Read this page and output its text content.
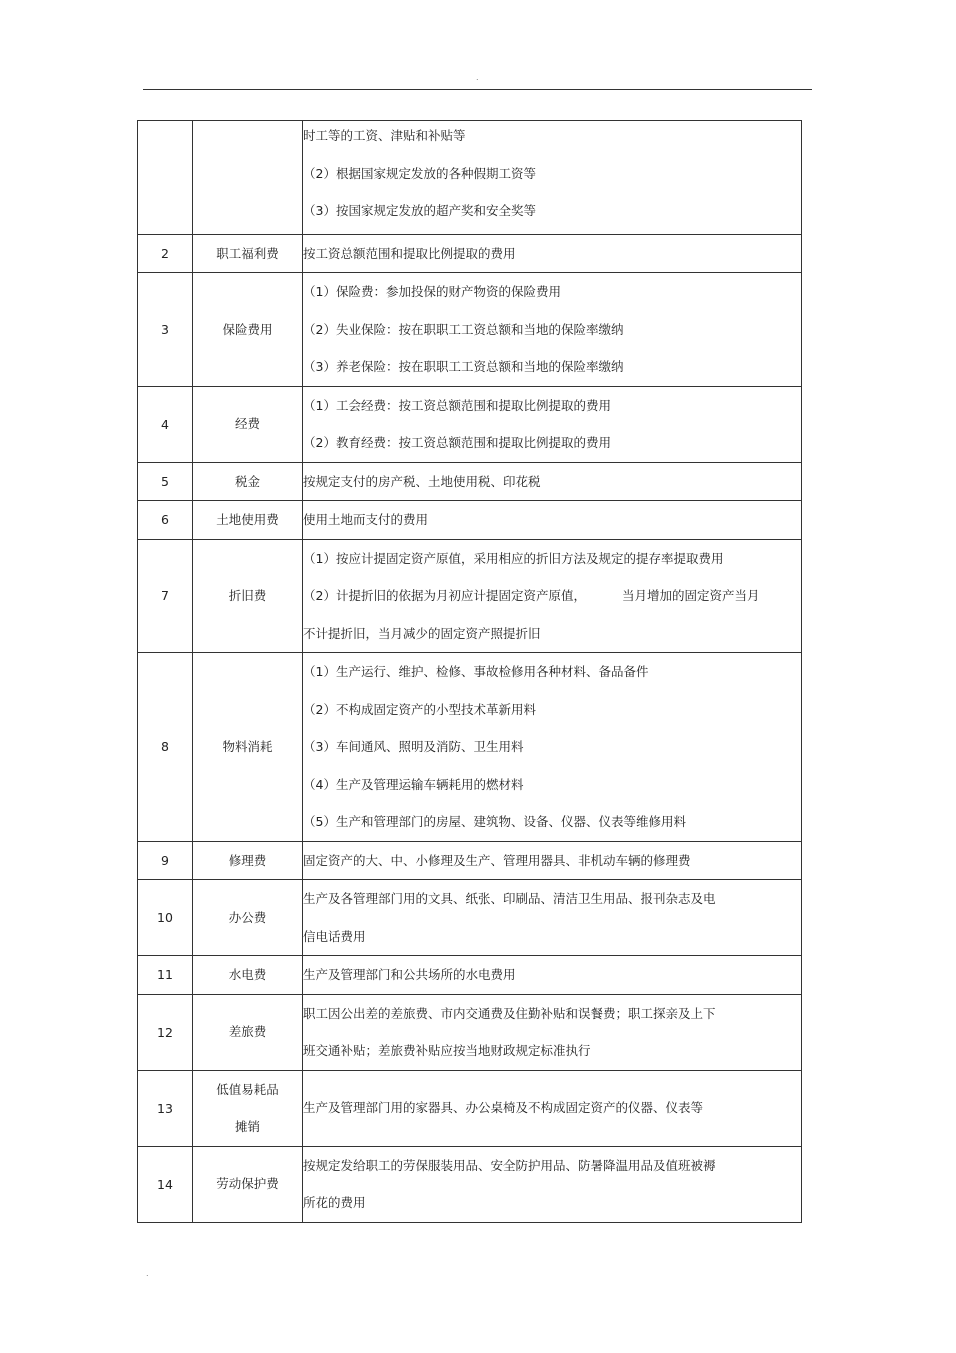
.

		时工等的工资、津贴和补贴等
（2）根据国家规定发放的各种假期工资等
（3）按国家规定发放的超产奖和安全奖等

2	职工福利费	按工资总额范围和提取比例提取的费用

3	保险费用	（1）保险费：参加投保的财产物资的保险费用
（2）失业保险：按在职职工工资总额和当地的保险率缴纳
（3）养老保险：按在职职工工资总额和当地的保险率缴纳

4	经费	（1）工会经费：按工资总额范围和提取比例提取的费用
（2）教育经费：按工资总额范围和提取比例提取的费用

5	税金	按规定支付的房产税、土地使用税、印花税

6	土地使用费	使用土地而支付的费用

7	折旧费	（1）按应计提固定资产原值，采用相应的折旧方法及规定的提存率提取费用
（2）计提折旧的依据为月初应计提固定资产原值， 当月增加的固定资产当月
不计提折旧，当月减少的固定资产照提折旧

8	物料消耗	（1）生产运行、维护、检修、事故检修用各种材料、备品备件
（2）不构成固定资产的小型技术革新用料
（3）车间通风、照明及消防、卫生用料
（4）生产及管理运输车辆耗用的燃材料
（5）生产和管理部门的房屋、建筑物、设备、仪器、仪表等维修用料

9	修理费	固定资产的大、中、小修理及生产、管理用器具、非机动车辆的修理费

10	办公费	生产及各管理部门用的文具、纸张、印刷品、清洁卫生用品、报刊杂志及电
信电话费用

11	水电费	生产及管理部门和公共场所的水电费用

12	差旅费	职工因公出差的差旅费、市内交通费及住勤补贴和误餐费；职工探亲及上下
班交通补贴；差旅费补贴应按当地财政规定标准执行

13	低值易耗品
摊销	生产及管理部门用的家器具、办公桌椅及不构成固定资产的仪器、仪表等

14	劳动保护费	按规定发给职工的劳保服装用品、安全防护用品、防暑降温用品及值班被褥
所花的费用
.
